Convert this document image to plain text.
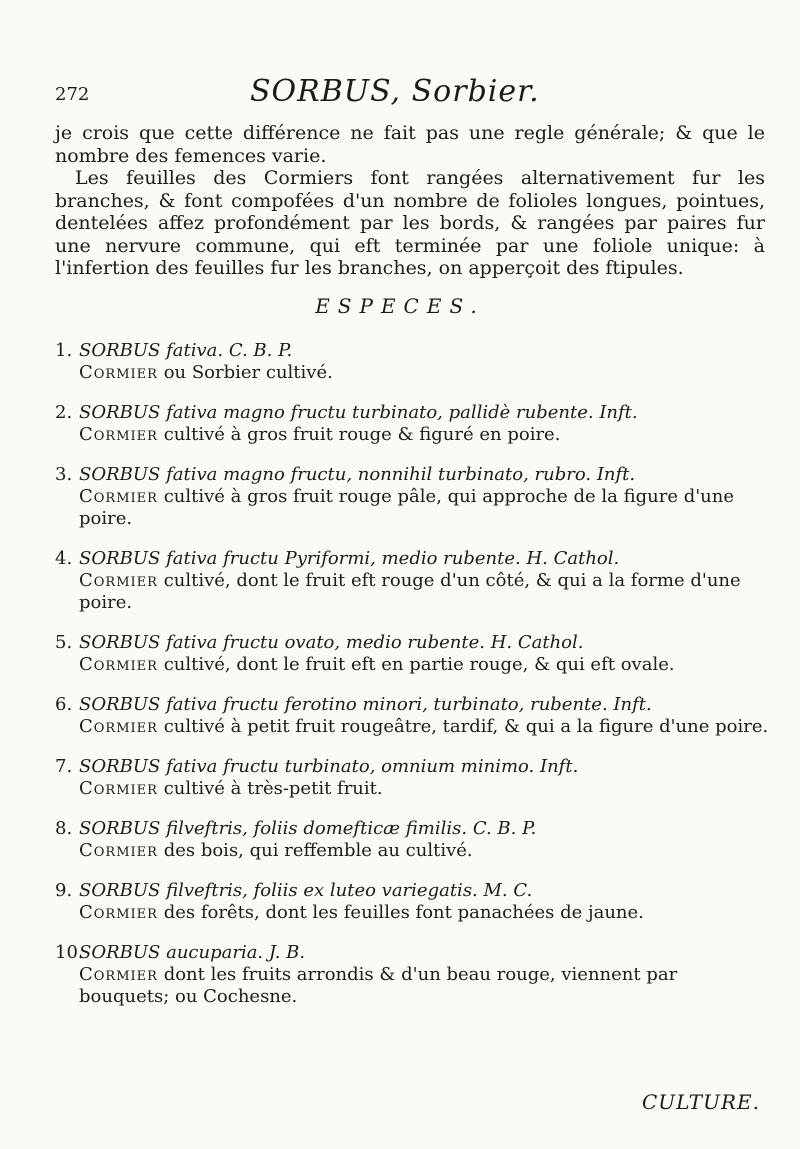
272	SORBUS, Sorbier.

je crois que cette différence ne fait pas une regle générale; & que le nombre des femences varie.

Les feuilles des Cormiers font rangées alternativement fur les branches, & font compofées d'un nombre de folioles longues, pointues, dentelées affez profondément par les bords, & rangées par paires fur une nervure commune, qui eft terminée par une foliole unique: à l'infertion des feuilles fur les branches, on apperçoit des ftipules.

ESPECES.
1. SORBUS fativa. C. B. P.
Cormier ou Sorbier cultivé.
2. SORBUS fativa magno fructu turbinato, pallidè rubente. Inft.
Cormier cultivé à gros fruit rouge & figuré en poire.
3. SORBUS fativa magno fructu, nonnihil turbinato, rubro. Inft.
Cormier cultivé à gros fruit rouge pâle, qui approche de la figure d'une poire.
4. SORBUS fativa fructu Pyriformi, medio rubente. H. Cathol.
Cormier cultivé, dont le fruit eft rouge d'un côté, & qui a la forme d'une poire.
5. SORBUS fativa fructu ovato, medio rubente. H. Cathol.
Cormier cultivé, dont le fruit eft en partie rouge, & qui eft ovale.
6. SORBUS fativa fructu ferotino minori, turbinato, rubente. Inft.
Cormier cultivé à petit fruit rougeâtre, tardif, & qui a la figure d'une poire.
7. SORBUS fativa fructu turbinato, omnium minimo. Inft.
Cormier cultivé à très-petit fruit.
8. SORBUS filveftris, foliis domefticæ fimilis. C. B. P.
Cormier des bois, qui reffemble au cultivé.
9. SORBUS filveftris, foliis ex luteo variegatis. M. C.
Cormier des forêts, dont les feuilles font panachées de jaune.
10.
SORBUS aucuparia. J. B.
Cormier dont les fruits arrondis & d'un beau rouge, viennent par bouquets; ou Cochesne.
CULTURE.
